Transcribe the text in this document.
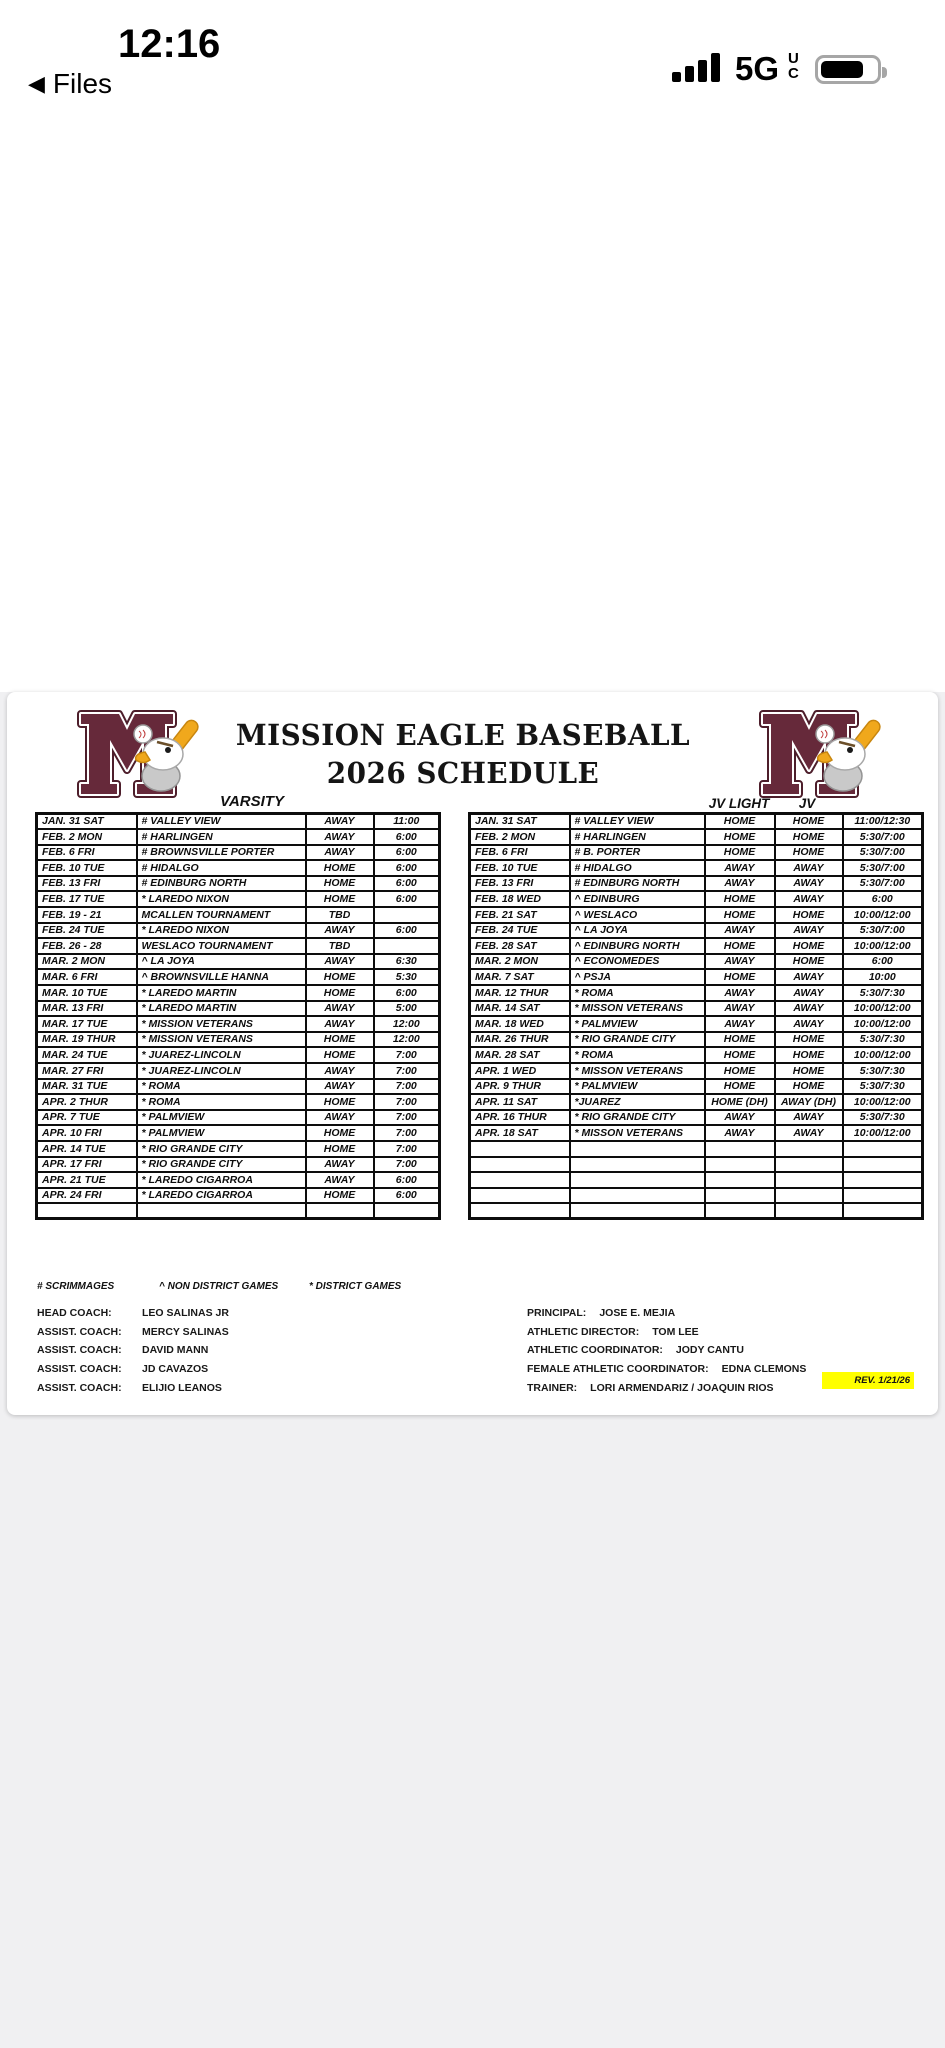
12:16
◀ Files	5G U
C
MISSION EAGLE BASEBALL
2026 SCHEDULE
VARSITY	JV LIGHT	JV
JAN. 31 SAT	# VALLEY VIEW	AWAY	11:00
FEB. 2 MON	# HARLINGEN	AWAY	6:00
FEB. 6 FRI	# BROWNSVILLE PORTER	AWAY	6:00
FEB. 10 TUE	# HIDALGO	HOME	6:00
FEB. 13 FRI	# EDINBURG NORTH	HOME	6:00
FEB. 17 TUE	* LAREDO NIXON	HOME	6:00
FEB. 19 - 21	MCALLEN TOURNAMENT	TBD	
FEB. 24 TUE	* LAREDO NIXON	AWAY	6:00
FEB. 26 - 28	WESLACO TOURNAMENT	TBD	
MAR. 2 MON	^ LA JOYA	AWAY	6:30
MAR. 6 FRI	^ BROWNSVILLE HANNA	HOME	5:30
MAR. 10 TUE	* LAREDO MARTIN	HOME	6:00
MAR. 13 FRI	* LAREDO MARTIN	AWAY	5:00
MAR. 17 TUE	* MISSION VETERANS	AWAY	12:00
MAR. 19 THUR	* MISSION VETERANS	HOME	12:00
MAR. 24 TUE	* JUAREZ-LINCOLN	HOME	7:00
MAR. 27 FRI	* JUAREZ-LINCOLN	AWAY	7:00
MAR. 31 TUE	* ROMA	AWAY	7:00
APR. 2 THUR	* ROMA	HOME	7:00
APR. 7 TUE	* PALMVIEW	AWAY	7:00
APR. 10 FRI	* PALMVIEW	HOME	7:00
APR. 14 TUE	* RIO GRANDE CITY	HOME	7:00
APR. 17 FRI	* RIO GRANDE CITY	AWAY	7:00
APR. 21 TUE	* LAREDO CIGARROA	AWAY	6:00
APR. 24 FRI	* LAREDO CIGARROA	HOME	6:00

JAN. 31 SAT	# VALLEY VIEW	HOME	HOME	11:00/12:30
FEB. 2 MON	# HARLINGEN	HOME	HOME	5:30/7:00
FEB. 6 FRI	# B. PORTER	HOME	HOME	5:30/7:00
FEB. 10 TUE	# HIDALGO	AWAY	AWAY	5:30/7:00
FEB. 13 FRI	# EDINBURG NORTH	AWAY	AWAY	5:30/7:00
FEB. 18 WED	^ EDINBURG	HOME	AWAY	6:00
FEB. 21 SAT	^ WESLACO	HOME	HOME	10:00/12:00
FEB. 24 TUE	^ LA JOYA	AWAY	AWAY	5:30/7:00
FEB. 28 SAT	^ EDINBURG NORTH	HOME	HOME	10:00/12:00
MAR. 2 MON	^ ECONOMEDES	AWAY	HOME	6:00
MAR. 7 SAT	^ PSJA	HOME	AWAY	10:00
MAR. 12 THUR	* ROMA	AWAY	AWAY	5:30/7:30
MAR. 14 SAT	* MISSON VETERANS	AWAY	AWAY	10:00/12:00
MAR. 18 WED	* PALMVIEW	AWAY	AWAY	10:00/12:00
MAR. 26 THUR	* RIO GRANDE CITY	HOME	HOME	5:30/7:30
MAR. 28 SAT	* ROMA	HOME	HOME	10:00/12:00
APR. 1 WED	* MISSON VETERANS	HOME	HOME	5:30/7:30
APR. 9 THUR	* PALMVIEW	HOME	HOME	5:30/7:30
APR. 11 SAT	*JUAREZ	HOME (DH)	AWAY (DH)	10:00/12:00
APR. 16 THUR	* RIO GRANDE CITY	AWAY	AWAY	5:30/7:30
APR. 18 SAT	* MISSON VETERANS	AWAY	AWAY	10:00/12:00

# SCRIMMAGES	^ NON DISTRICT GAMES	* DISTRICT GAMES
HEAD COACH:	LEO SALINAS JR
ASSIST. COACH:	MERCY SALINAS
ASSIST. COACH:	DAVID MANN
ASSIST. COACH:	JD CAVAZOS
ASSIST. COACH:	ELIJIO LEANOS
PRINCIPAL: JOSE E. MEJIA
ATHLETIC DIRECTOR: TOM LEE
ATHLETIC COORDINATOR: JODY CANTU
FEMALE ATHLETIC COORDINATOR: EDNA CLEMONS
TRAINER: LORI ARMENDARIZ / JOAQUIN RIOS
REV. 1/21/26
